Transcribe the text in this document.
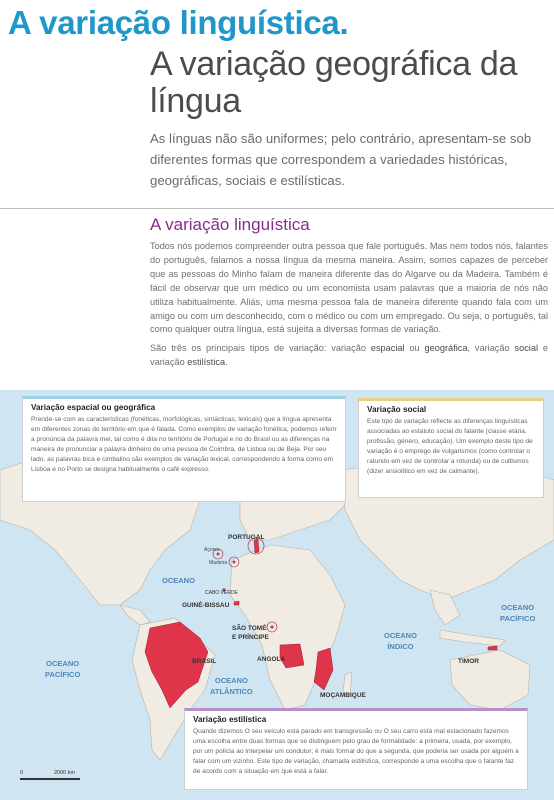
A variação linguística.
A variação geográfica da língua
As línguas não são uniformes; pelo contrário, apresentam-se sob diferentes formas que correspondem a variedades históricas, geográficas, sociais e estilísticas.
A variação linguística

Todos nós podemos compreender outra pessoa que fale português. Mas nem todos nós, falantes do português, falamos a nossa língua da mesma maneira. Assim, somos capazes de perceber que as pessoas do Minho falam de maneira diferente das do Algarve ou da Madeira. Também é fácil de observar que um médico ou um economista usam palavras que a maioria de nós não utiliza habitualmente. Aliás, uma mesma pessoa fala de maneira diferente quando fala com um amigo ou com um desconhecido, com o médico ou com um empregado. Ou seja, o português, tal como qualquer outra língua, está sujeita a diversas formas de variação.

São três os principais tipos de variação: variação espacial ou geográfica, variação social e variação estilística.

OCEANO
OCEANO
PACÍFICO
OCEANO
ATLÂNTICO
OCEANO
ÍNDICO
OCEANO
PACÍFICO
PORTUGAL
Açores
Madeira
GUINÉ-BISSAU
CABO VERDE
SÃO TOMÉ
E PRÍNCIPE
BRASIL	ANGOLA
MOÇAMBIQUE
TIMOR
Variação espacial ou geográfica
Prende-se com as características (fonéticas, morfológicas, sintácticas, lexicais) que a língua apresenta em diferentes zonas do território em que é falada. Como exemplos de variação fonética, podemos referir a pronúncia da palavra mel, tal como é dita no território de Portugal e no do Brasil ou as diferenças na maneira de pronunciar a palavra dinheiro de uma pessoa de Coimbra, de Lisboa ou de Beja. Por seu lado, as palavras bica e cimbalino são exemplos de variação lexical, correspondendo à forma como em Lisboa e no Porto se designa habitualmente o café expresso.
Variação social
Este tipo de variação reflecte as diferenças linguísticas associadas ao estatuto social do falante (classe etária, profissão, género, educação). Um exemplo deste tipo de variação é o emprego de vulgarismos (como controlar o ratundo em vez de controlar a rotunda) ou de cultismos (dizer ansiolítico em vez de calmante).
Variação estilística
Quando dizemos O seu veículo está parado em transgressão ou O seu carro está mal estacionado fazemos uma escolha entre duas formas que se distinguem pelo grau de formalidade: a primeira, usada, por exemplo, por um polícia ao interpelar um condutor; é mais formal do que a segunda, que poderia ser usada por alguém a falar com um vizinho. Este tipo de variação, chamada estilística, corresponde a uma escolha que o falante faz de acordo com a situação em que está a falar.
0	2000 km
